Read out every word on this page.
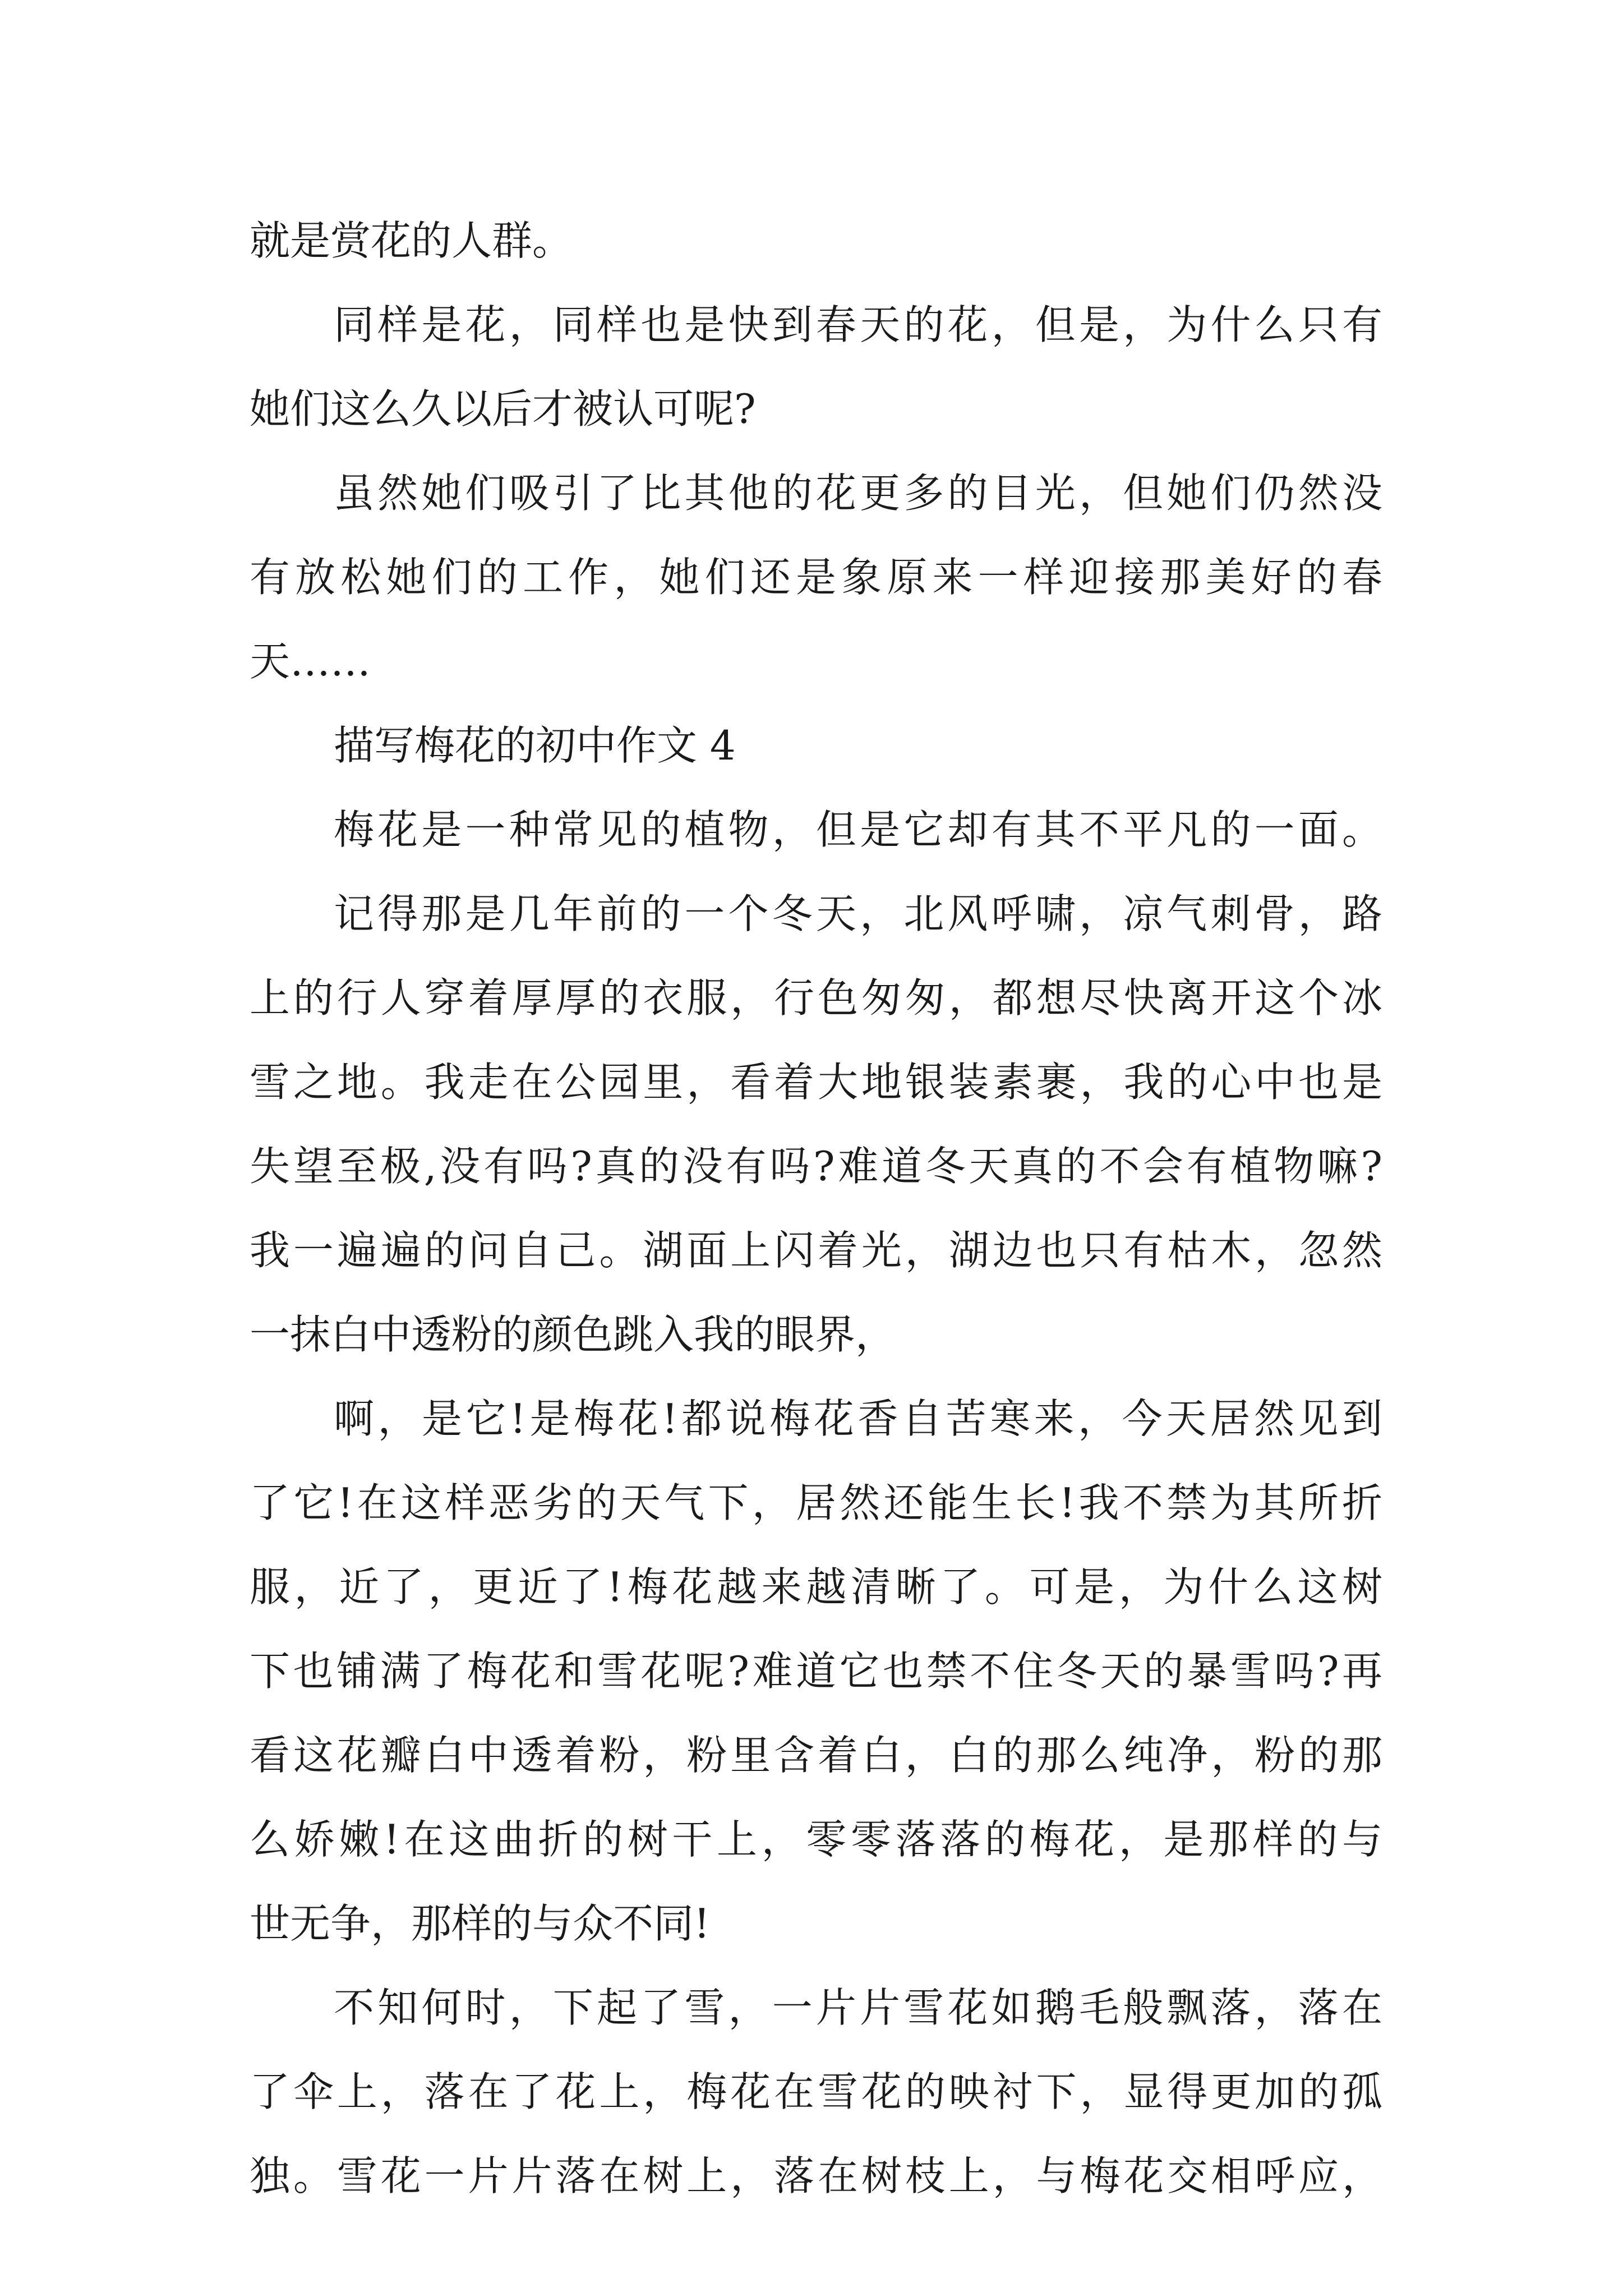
就是赏花的人群。

同样是花，同样也是快到春天的花，但是，为什么只有

她们这么久以后才被认可呢?

虽然她们吸引了比其他的花更多的目光，但她们仍然没

有放松她们的工作，她们还是象原来一样迎接那美好的春

天……

描写梅花的初中作文 4

梅花是一种常见的植物，但是它却有其不平凡的一面。

记得那是几年前的一个冬天，北风呼啸，凉气刺骨，路

上的行人穿着厚厚的衣服，行色匆匆，都想尽快离开这个冰

雪之地。我走在公园里，看着大地银装素裹，我的心中也是

失望至极,没有吗?真的没有吗?难道冬天真的不会有植物嘛?

我一遍遍的问自己。湖面上闪着光，湖边也只有枯木，忽然

一抹白中透粉的颜色跳入我的眼界，

啊，是它!是梅花!都说梅花香自苦寒来，今天居然见到

了它!在这样恶劣的天气下，居然还能生长!我不禁为其所折

服，近了，更近了!梅花越来越清晰了。可是，为什么这树

下也铺满了梅花和雪花呢?难道它也禁不住冬天的暴雪吗?再

看这花瓣白中透着粉，粉里含着白，白的那么纯净，粉的那

么娇嫩!在这曲折的树干上，零零落落的梅花，是那样的与

世无争，那样的与众不同!

不知何时，下起了雪，一片片雪花如鹅毛般飘落，落在

了伞上，落在了花上，梅花在雪花的映衬下，显得更加的孤

独。雪花一片片落在树上，落在树枝上，与梅花交相呼应，
